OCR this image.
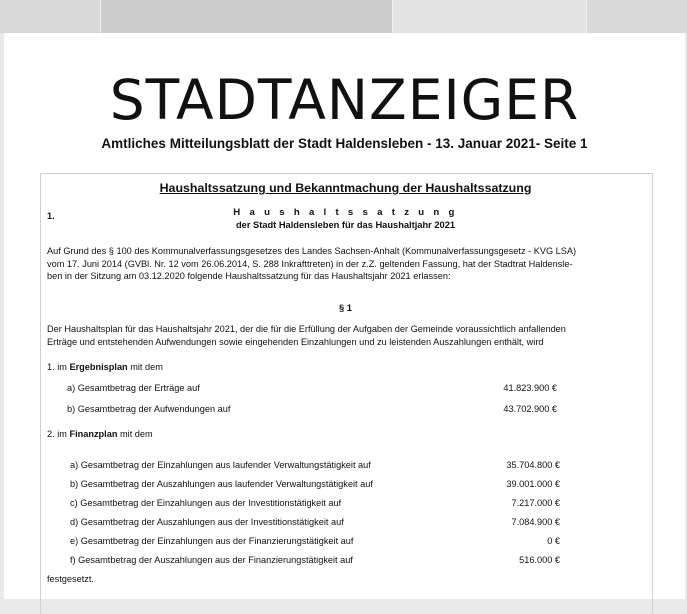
STADTANZEIGER
Amtliches Mitteilungsblatt der Stadt Haldensleben - 13. Januar 2021- Seite 1
Haushaltssatzung und Bekanntmachung der Haushaltssatzung
1.	H a u s h a l t s s a t z u n g
der Stadt Haldensleben für das Haushaltjahr 2021
Auf Grund des § 100 des Kommunalverfassungsgesetzes des Landes Sachsen-Anhalt (Kommunalverfassungsgesetz - KVG LSA)
vom 17. Juni 2014 (GVBl. Nr. 12 vom 26.06.2014, S. 288 Inkrafttreten) in der z.Z. geltenden Fassung, hat der Stadtrat Haldensle-
ben in der Sitzung am 03.12.2020 folgende Haushaltssatzung für das Haushaltsjahr 2021 erlassen:
§ 1
Der Haushaltsplan für das Haushaltsjahr 2021, der die für die Erfüllung der Aufgaben der Gemeinde voraussichtlich anfallenden
Erträge und entstehenden Aufwendungen sowie eingehenden Einzahlungen und zu leistenden Auszahlungen enthält, wird
1. im Ergebnisplan mit dem
a) Gesamtbetrag der Erträge auf	41.823.900 €
b) Gesamtbetrag der Aufwendungen auf	43.702.900 €
2. im Finanzplan mit dem
a) Gesamtbetrag der Einzahlungen aus laufender Verwaltungstätigkeit auf	35.704.800 €
b) Gesamtbetrag der Auszahlungen aus laufender Verwaltungstätigkeit auf	39.001.000 €
c) Gesamtbetrag der Einzahlungen aus der Investitionstätigkeit auf	7.217.000 €
d) Gesamtbetrag der Auszahlungen aus der Investitionstätigkeit auf	7.084.900 €
e) Gesamtbetrag der Einzahlungen aus der Finanzierungstätigkeit auf	0 €
f) Gesamtbetrag der Auszahlungen aus der Finanzierungstätigkeit auf	516.000 €
festgesetzt.
